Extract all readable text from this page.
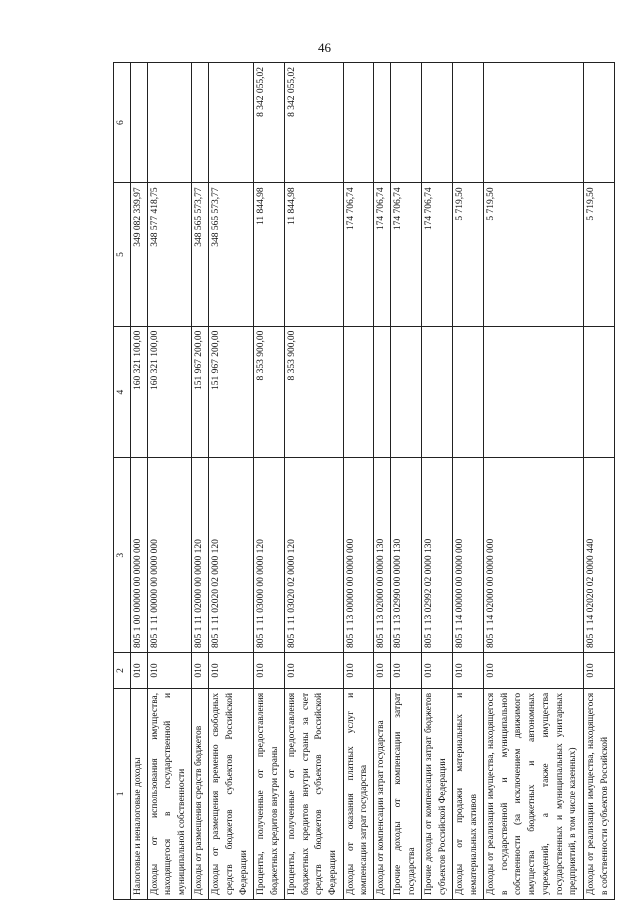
46
1	2	3	4	5	6
Налоговые и неналоговые доходы	010	805 1 00 00000 00 0000 000	160 321 100,00	349 082 339,97	
Доходы от использования имущества, находящегося в государственной и муниципальной собственности	010	805 1 11 00000 00 0000 000	160 321 100,00	348 577 418,75	
Доходы от размещения средств бюджетов	010	805 1 11 02000 00 0000 120	151 967 200,00	348 565 573,77	
Доходы от размещения временно свободных средств бюджетов субъектов Российской Федерации	010	805 1 11 02020 02 0000 120	151 967 200,00	348 565 573,77	
Проценты, полученные от предоставления бюджетных кредитов внутри страны	010	805 1 11 03000 00 0000 120	8 353 900,00	11 844,98	8 342 055,02
Проценты, полученные от предоставления бюджетных кредитов внутри страны за счет средств бюджетов субъектов Российской Федерации	010	805 1 11 03020 02 0000 120	8 353 900,00	11 844,98	8 342 055,02
Доходы от оказания платных услуг и компенсации затрат государства	010	805 1 13 00000 00 0000 000		174 706,74	
Доходы от компенсации затрат государства	010	805 1 13 02000 00 0000 130		174 706,74	
Прочие доходы от компенсации затрат государства	010	805 1 13 02990 00 0000 130		174 706,74	
Прочие доходы от компенсации затрат бюджетов субъектов Российской Федерации	010	805 1 13 02992 02 0000 130		174 706,74	
Доходы от продажи материальных и нематериальных активов	010	805 1 14 00000 00 0000 000		5 719,50	
Доходы от реализации имущества, находящегося в государственной и муниципальной собственности (за исключением движимого имущества бюджетных и автономных учреждений, а также имущества государственных и муниципальных унитарных предприятий, в том числе казенных)	010	805 1 14 02000 00 0000 000		5 719,50	
Доходы от реализации имущества, находящегося в собственности субъектов Российской	010	805 1 14 02020 02 0000 440		5 719,50	
